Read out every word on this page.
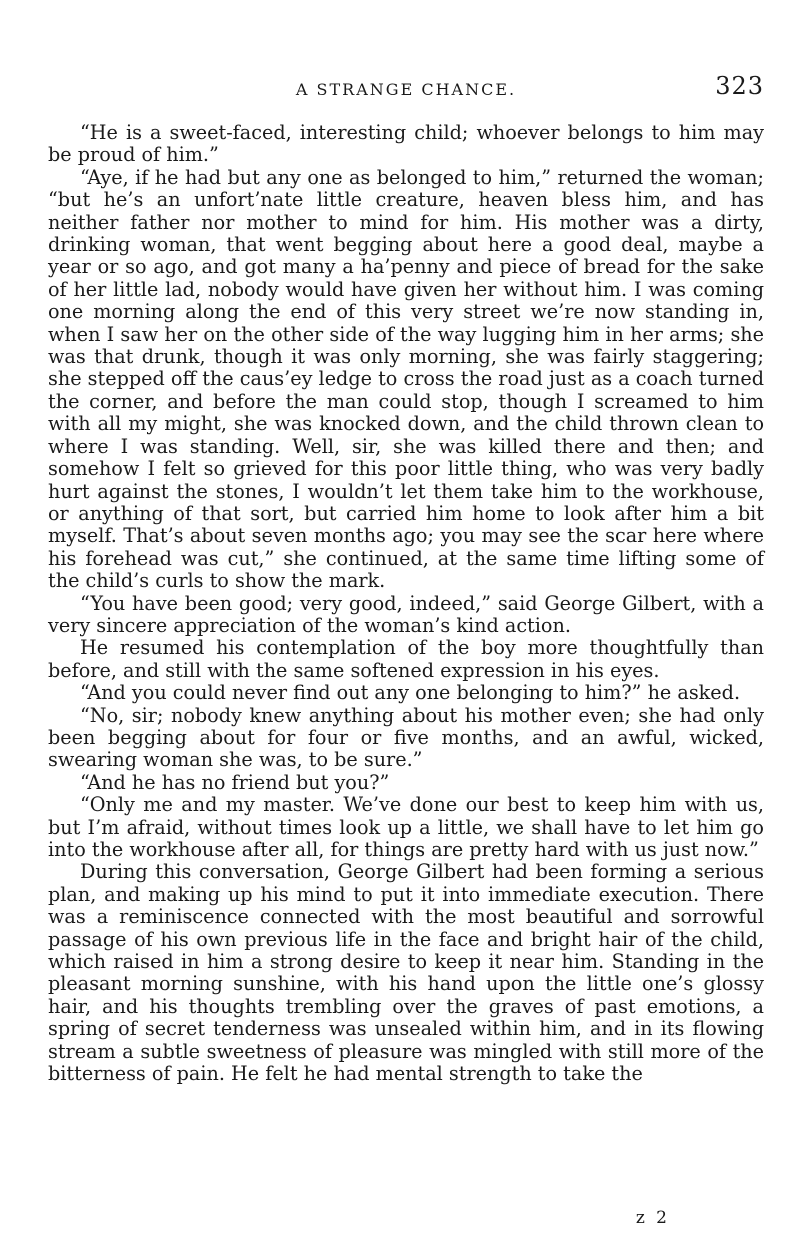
A STRANGE CHANCE.	323

“He is a sweet-faced, interesting child; whoever belongs to him may be proud of him.”

“Aye, if he had but any one as belonged to him,” returned the woman; “but he’s an unfort’nate little creature, heaven bless him, and has neither father nor mother to mind for him. His mother was a dirty, drinking woman, that went begging about here a good deal, maybe a year or so ago, and got many a ha’penny and piece of bread for the sake of her little lad, nobody would have given her without him. I was coming one morning along the end of this very street we’re now standing in, when I saw her on the other side of the way lugging him in her arms; she was that drunk, though it was only morning, she was fairly staggering; she stepped off the caus’ey ledge to cross the road just as a coach turned the corner, and before the man could stop, though I screamed to him with all my might, she was knocked down, and the child thrown clean to where I was standing. Well, sir, she was killed there and then; and somehow I felt so grieved for this poor little thing, who was very badly hurt against the stones, I wouldn’t let them take him to the workhouse, or anything of that sort, but carried him home to look after him a bit myself. That’s about seven months ago; you may see the scar here where his forehead was cut,” she continued, at the same time lifting some of the child’s curls to show the mark.

“You have been good; very good, indeed,” said George Gilbert, with a very sincere appreciation of the woman’s kind action.

He resumed his contemplation of the boy more thoughtfully than before, and still with the same softened expression in his eyes.

“And you could never find out any one belonging to him?” he asked.

“No, sir; nobody knew anything about his mother even; she had only been begging about for four or five months, and an awful, wicked, swearing woman she was, to be sure.”

“And he has no friend but you?”

“Only me and my master. We’ve done our best to keep him with us, but I’m afraid, without times look up a little, we shall have to let him go into the workhouse after all, for things are pretty hard with us just now.”

During this conversation, George Gilbert had been forming a serious plan, and making up his mind to put it into immediate execution. There was a reminiscence connected with the most beautiful and sorrowful passage of his own previous life in the face and bright hair of the child, which raised in him a strong desire to keep it near him. Standing in the pleasant morning sunshine, with his hand upon the little one’s glossy hair, and his thoughts trembling over the graves of past emotions, a spring of secret tenderness was unsealed within him, and in its flowing stream a subtle sweetness of pleasure was mingled with still more of the bitterness of pain. He felt he had mental strength to take the

z 2
